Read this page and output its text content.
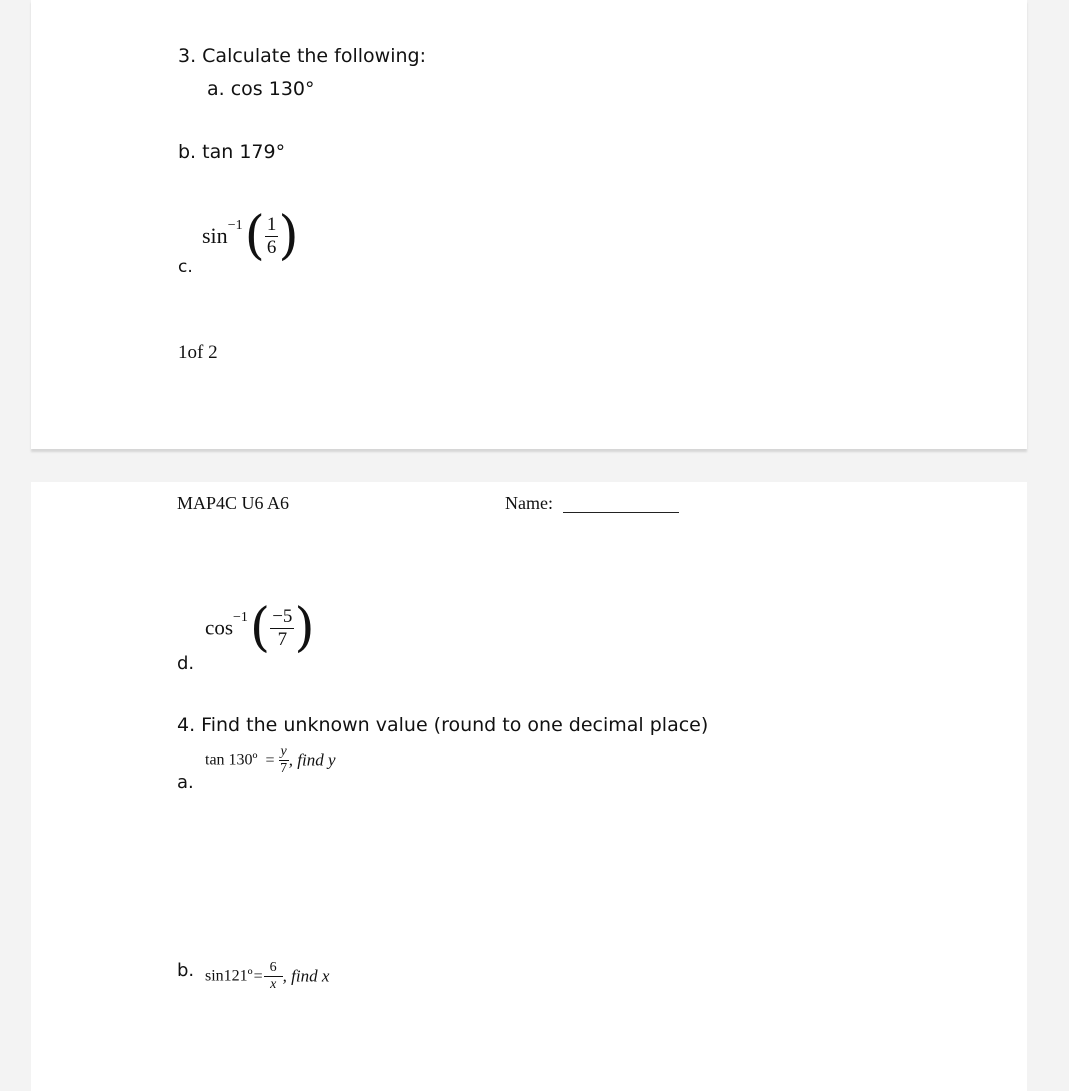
3. Calculate the following:
a. cos 130°
b. tan 179°
c.
$\sin^{-1}( \frac{1}{6}$ )
1of 2
MAP4C U6 A6	Name:
d.
$\cos^{-1}( \frac{-5}{7}$ )
4. Find the unknown value (round to one decimal place)
a.
tan 130º = $\frac{y}{7}$ , find y
b. sin121º= $\frac{6}{x}$ , find x
